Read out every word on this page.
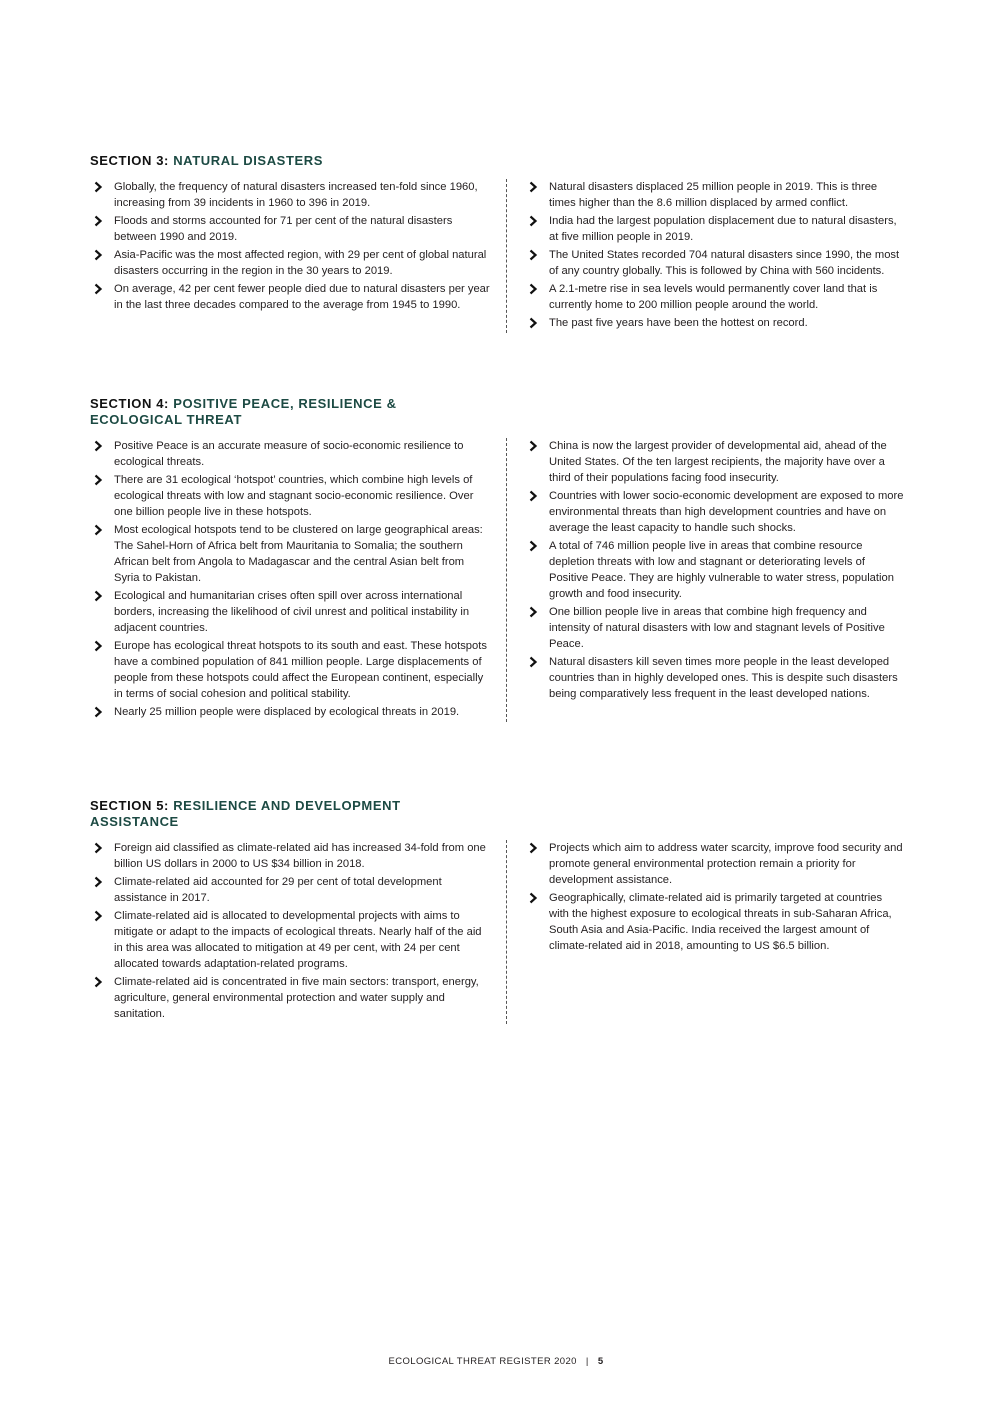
SECTION 3: NATURAL DISASTERS
Globally, the frequency of natural disasters increased ten-fold since 1960, increasing from 39 incidents in 1960 to 396 in 2019.
Floods and storms accounted for 71 per cent of the natural disasters between 1990 and 2019.
Asia-Pacific was the most affected region, with 29 per cent of global natural disasters occurring in the region in the 30 years to 2019.
On average, 42 per cent fewer people died due to natural disasters per year in the last three decades compared to the average from 1945 to 1990.
Natural disasters displaced 25 million people in 2019. This is three times higher than the 8.6 million displaced by armed conflict.
India had the largest population displacement due to natural disasters, at five million people in 2019.
The United States recorded 704 natural disasters since 1990, the most of any country globally. This is followed by China with 560 incidents.
A 2.1-metre rise in sea levels would permanently cover land that is currently home to 200 million people around the world.
The past five years have been the hottest on record.
SECTION 4: POSITIVE PEACE, RESILIENCE & ECOLOGICAL THREAT
Positive Peace is an accurate measure of socio-economic resilience to ecological threats.
There are 31 ecological ‘hotspot’ countries, which combine high levels of ecological threats with low and stagnant socio-economic resilience. Over one billion people live in these hotspots.
Most ecological hotspots tend to be clustered on large geographical areas: The Sahel-Horn of Africa belt from Mauritania to Somalia; the southern African belt from Angola to Madagascar and the central Asian belt from Syria to Pakistan.
Ecological and humanitarian crises often spill over across international borders, increasing the likelihood of civil unrest and political instability in adjacent countries.
Europe has ecological threat hotspots to its south and east. These hotspots have a combined population of 841 million people. Large displacements of people from these hotspots could affect the European continent, especially in terms of social cohesion and political stability.
Nearly 25 million people were displaced by ecological threats in 2019.
China is now the largest provider of developmental aid, ahead of the United States. Of the ten largest recipients, the majority have over a third of their populations facing food insecurity.
Countries with lower socio-economic development are exposed to more environmental threats than high development countries and have on average the least capacity to handle such shocks.
A total of 746 million people live in areas that combine resource depletion threats with low and stagnant or deteriorating levels of Positive Peace. They are highly vulnerable to water stress, population growth and food insecurity.
One billion people live in areas that combine high frequency and intensity of natural disasters with low and stagnant levels of Positive Peace.
Natural disasters kill seven times more people in the least developed countries than in highly developed ones. This is despite such disasters being comparatively less frequent in the least developed nations.
SECTION 5: RESILIENCE AND DEVELOPMENT ASSISTANCE
Foreign aid classified as climate-related aid has increased 34-fold from one billion US dollars in 2000 to US $34 billion in 2018.
Climate-related aid accounted for 29 per cent of total development assistance in 2017.
Climate-related aid is allocated to developmental projects with aims to mitigate or adapt to the impacts of ecological threats. Nearly half of the aid in this area was allocated to mitigation at 49 per cent, with 24 per cent allocated towards adaptation-related programs.
Climate-related aid is concentrated in five main sectors: transport, energy, agriculture, general environmental protection and water supply and sanitation.
Projects which aim to address water scarcity, improve food security and promote general environmental protection remain a priority for development assistance.
Geographically, climate-related aid is primarily targeted at countries with the highest exposure to ecological threats in sub-Saharan Africa, South Asia and Asia-Pacific. India received the largest amount of climate-related aid in 2018, amounting to US $6.5 billion.
ECOLOGICAL THREAT REGISTER 2020 | 5
